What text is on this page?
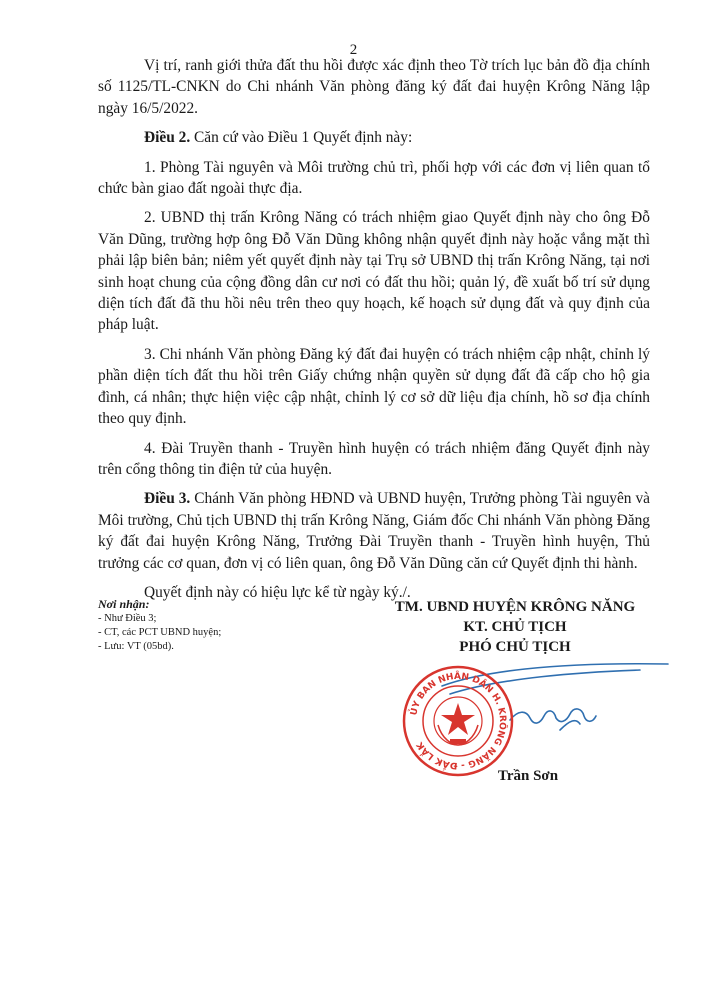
2

Vị trí, ranh giới thửa đất thu hồi được xác định theo Tờ trích lục bản đồ địa chính số 1125/TL-CNKN do Chi nhánh Văn phòng đăng ký đất đai huyện Krông Năng lập ngày 16/5/2022.

Điều 2. Căn cứ vào Điều 1 Quyết định này:

1. Phòng Tài nguyên và Môi trường chủ trì, phối hợp với các đơn vị liên quan tổ chức bàn giao đất ngoài thực địa.

2. UBND thị trấn Krông Năng có trách nhiệm giao Quyết định này cho ông Đỗ Văn Dũng, trường hợp ông Đỗ Văn Dũng không nhận quyết định này hoặc vắng mặt thì phải lập biên bản; niêm yết quyết định này tại Trụ sở UBND thị trấn Krông Năng, tại nơi sinh hoạt chung của cộng đồng dân cư nơi có đất thu hồi; quản lý, đề xuất bố trí sử dụng diện tích đất đã thu hồi nêu trên theo quy hoạch, kế hoạch sử dụng đất và quy định của pháp luật.

3. Chi nhánh Văn phòng Đăng ký đất đai huyện có trách nhiệm cập nhật, chỉnh lý phần diện tích đất thu hồi trên Giấy chứng nhận quyền sử dụng đất đã cấp cho hộ gia đình, cá nhân; thực hiện việc cập nhật, chỉnh lý cơ sở dữ liệu địa chính, hồ sơ địa chính theo quy định.

4. Đài Truyền thanh - Truyền hình huyện có trách nhiệm đăng Quyết định này trên cổng thông tin điện tử của huyện.

Điều 3. Chánh Văn phòng HĐND và UBND huyện, Trưởng phòng Tài nguyên và Môi trường, Chủ tịch UBND thị trấn Krông Năng, Giám đốc Chi nhánh Văn phòng Đăng ký đất đai huyện Krông Năng, Trưởng Đài Truyền thanh - Truyền hình huyện, Thủ trưởng các cơ quan, đơn vị có liên quan, ông Đỗ Văn Dũng căn cứ Quyết định thi hành.

Quyết định này có hiệu lực kể từ ngày ký./.

Nơi nhận:
- Như Điều 3;
- CT, các PCT UBND huyện;
- Lưu: VT (05bd).
TM. UBND HUYỆN KRÔNG NĂNG
KT. CHỦ TỊCH
PHÓ CHỦ TỊCH
ỦY BAN NHÂN DÂN H. KRÔNG NĂNG - ĐẮK LẮK
Trần Sơn
